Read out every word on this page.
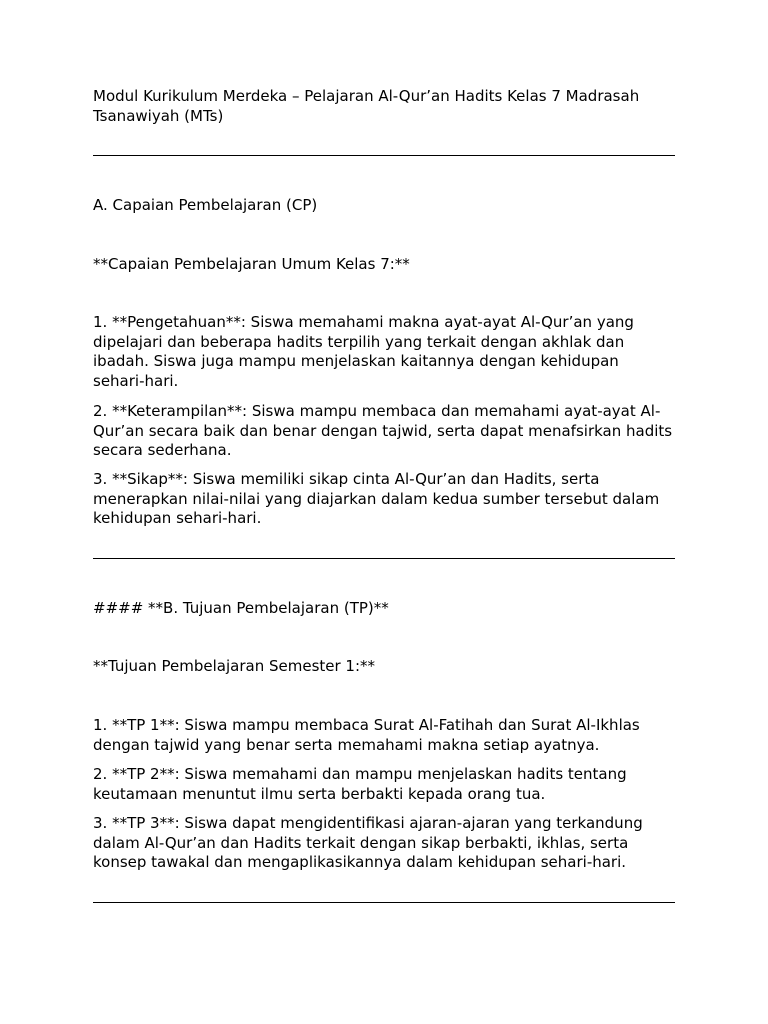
Modul Kurikulum Merdeka – Pelajaran Al-Qur’an Hadits Kelas 7 Madrasah Tsanawiyah (MTs)

A. Capaian Pembelajaran (CP)

**Capaian Pembelajaran Umum Kelas 7:**

1. **Pengetahuan**: Siswa memahami makna ayat-ayat Al-Qur’an yang dipelajari dan beberapa hadits terpilih yang terkait dengan akhlak dan ibadah. Siswa juga mampu menjelaskan kaitannya dengan kehidupan sehari-hari.

2. **Keterampilan**: Siswa mampu membaca dan memahami ayat-ayat Al-Qur’an secara baik dan benar dengan tajwid, serta dapat menafsirkan hadits secara sederhana.

3. **Sikap**: Siswa memiliki sikap cinta Al-Qur’an dan Hadits, serta menerapkan nilai-nilai yang diajarkan dalam kedua sumber tersebut dalam kehidupan sehari-hari.

#### **B. Tujuan Pembelajaran (TP)**

**Tujuan Pembelajaran Semester 1:**

1. **TP 1**: Siswa mampu membaca Surat Al-Fatihah dan Surat Al-Ikhlas dengan tajwid yang benar serta memahami makna setiap ayatnya.

2. **TP 2**: Siswa memahami dan mampu menjelaskan hadits tentang keutamaan menuntut ilmu serta berbakti kepada orang tua.

3. **TP 3**: Siswa dapat mengidentifikasi ajaran-ajaran yang terkandung dalam Al-Qur’an dan Hadits terkait dengan sikap berbakti, ikhlas, serta konsep tawakal dan mengaplikasikannya dalam kehidupan sehari-hari.
